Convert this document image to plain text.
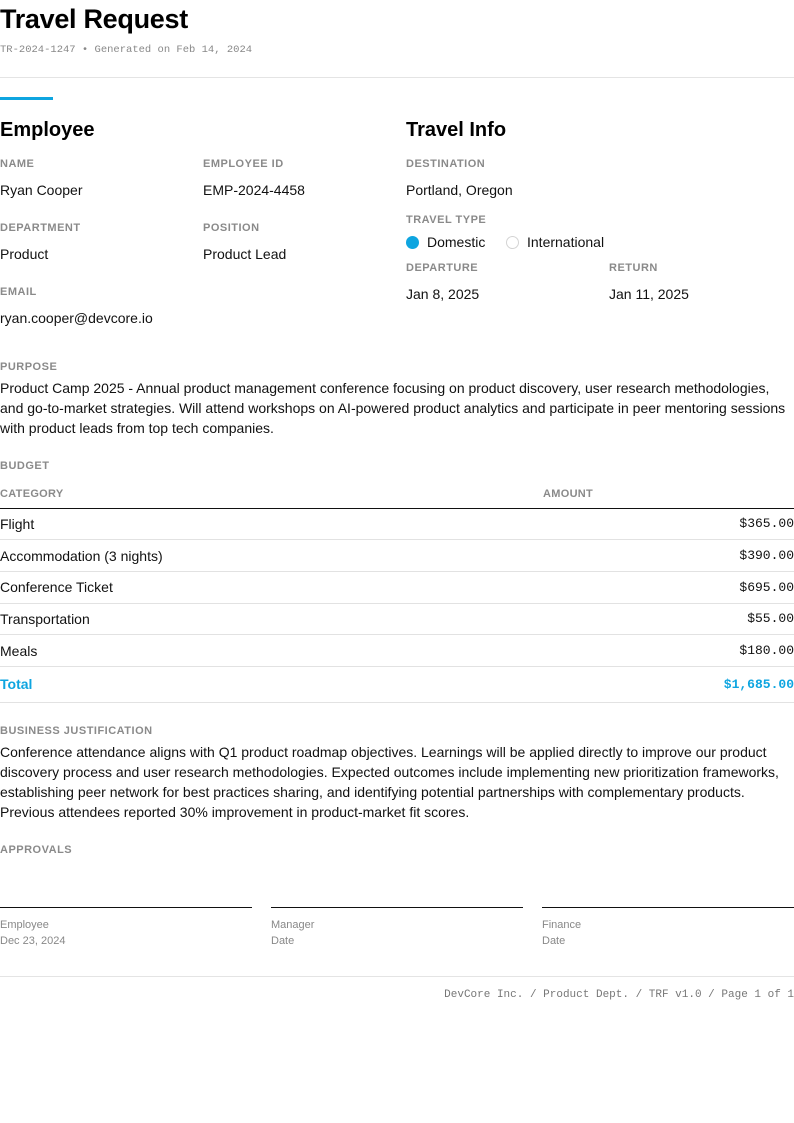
Travel Request
TR-2024-1247 • Generated on Feb 14, 2024
Employee
NAME
Ryan Cooper
EMPLOYEE ID
EMP-2024-4458
DEPARTMENT
Product
POSITION
Product Lead
EMAIL
ryan.cooper@devcore.io
Travel Info
DESTINATION
Portland, Oregon
TRAVEL TYPE
Domestic	International
DEPARTURE
Jan 8, 2025
RETURN
Jan 11, 2025
PURPOSE
Product Camp 2025 - Annual product management conference focusing on product discovery, user research methodologies, and go-to-market strategies. Will attend workshops on AI-powered product analytics and participate in peer mentoring sessions with product leads from top tech companies.
BUDGET
CATEGORY	AMOUNT
Flight	$365.00
Accommodation (3 nights)	$390.00
Conference Ticket	$695.00
Transportation	$55.00
Meals	$180.00
Total	$1,685.00
BUSINESS JUSTIFICATION
Conference attendance aligns with Q1 product roadmap objectives. Learnings will be applied directly to improve our product discovery process and user research methodologies. Expected outcomes include implementing new prioritization frameworks, establishing peer network for best practices sharing, and identifying potential partnerships with complementary products. Previous attendees reported 30% improvement in product-market fit scores.
APPROVALS
Employee
Dec 23, 2024
Manager
Date
Finance
Date
DevCore Inc. / Product Dept. / TRF v1.0 / Page 1 of 1
